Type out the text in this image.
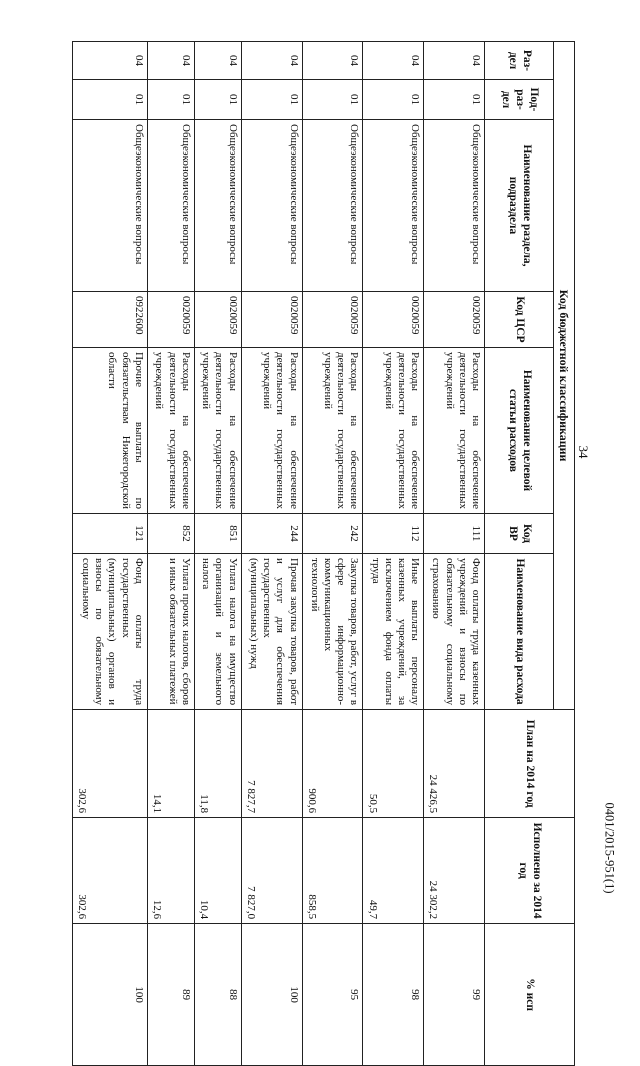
34
0401/2015-951(1)
Код бюджетной классификации							План на 2014 год	Исполнено за 2014 год	% исп
Раз-дел	Под-раз-дел	Наименование раздела, подраздела	Код ЦСР	Наименование целевой статьи расходов	Код ВР	Наименование вида расхода			
04	01	Общеэкономические вопросы	0020059	Расходы на обеспечение деятельности государственных учреждений	111	Фонд оплаты труда казенных учреждений и взносы по обязательному социальному страхованию	24 426,5	24 302,2	99
04	01	Общеэкономические вопросы	0020059	Расходы на обеспечение деятельности государственных учреждений	112	Иные выплаты персоналу казенных учреждений, за исключением фонда оплаты труда	50,5	49,7	98
04	01	Общеэкономические вопросы	0020059	Расходы на обеспечение деятельности государственных учреждений	242	Закупка товаров, работ, услуг в сфере информационно-коммуникационных технологий	900,6	858,5	95
04	01	Общеэкономические вопросы	0020059	Расходы на обеспечение деятельности государственных учреждений	244	Прочая закупка товаров, работ и услуг для обеспечения государственных (муниципальных) нужд	7 827,7	7 827,0	100
04	01	Общеэкономические вопросы	0020059	Расходы на обеспечение деятельности государственных учреждений	851	Уплата налога на имущество организаций и земельного налога	11,8	10,4	88
04	01	Общеэкономические вопросы	0020059	Расходы на обеспечение деятельности государственных учреждений	852	Уплата прочих налогов, сборов и иных обязательных платежей	14,1	12,6	89
04	01	Общеэкономические вопросы	0922600	Прочие выплаты по обязательствам Нижегородской области	121	Фонд оплаты труда государственных (муниципальных) органов и взносы по обязательному социальному	302,6	302,6	100
